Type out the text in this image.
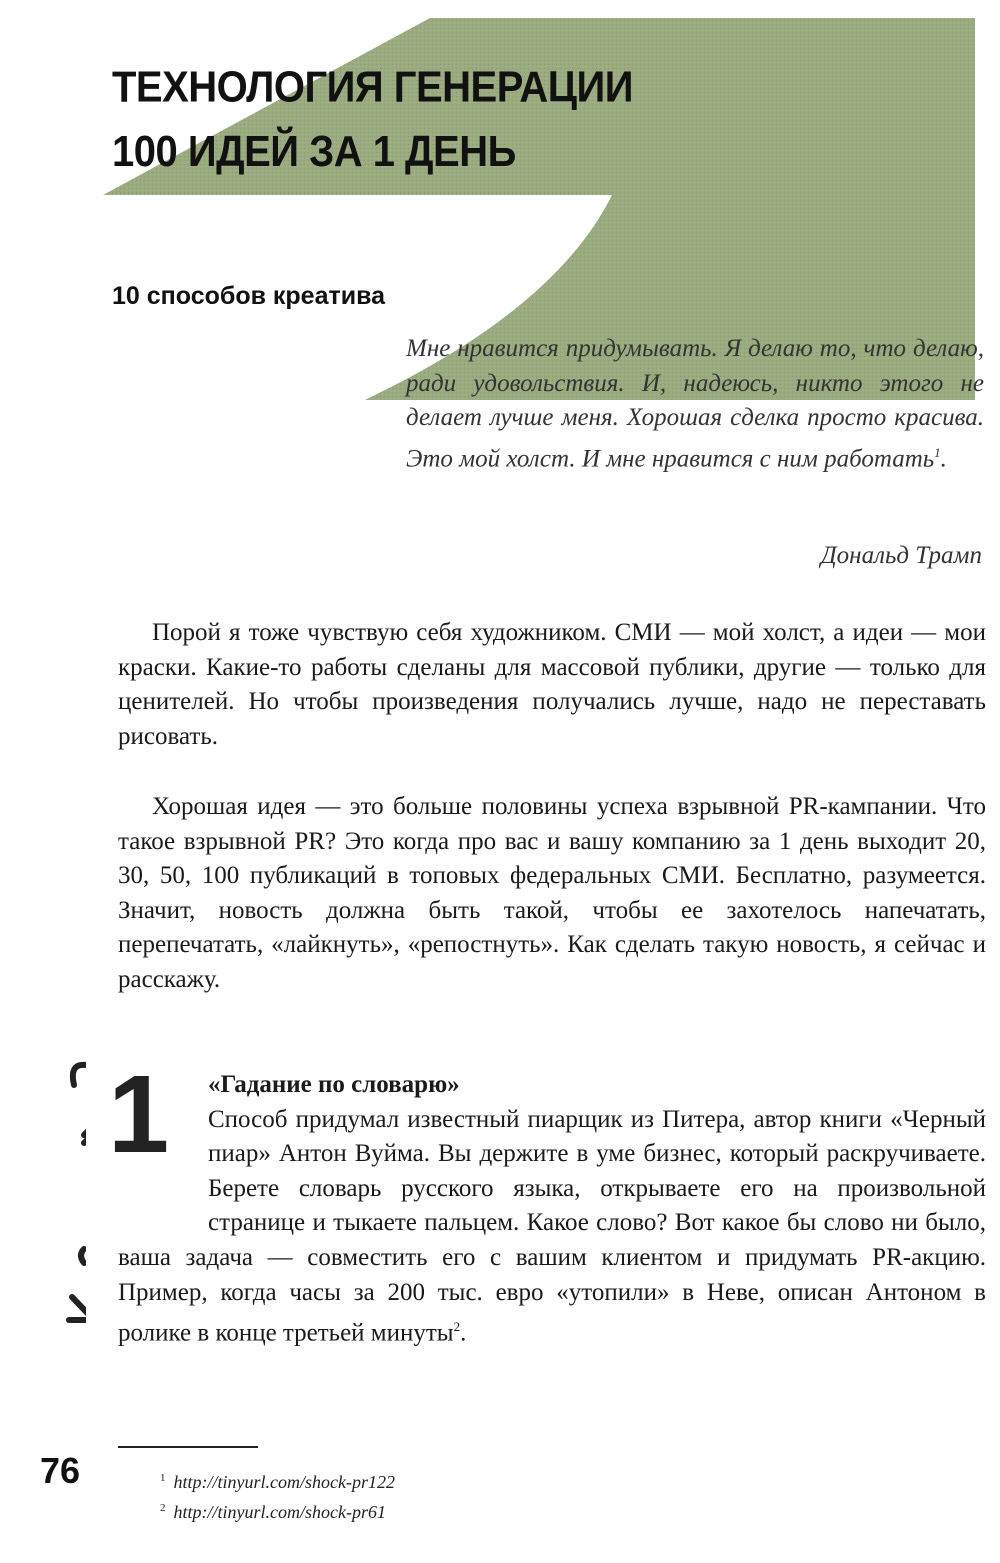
ТЕХНОЛОГИЯ ГЕНЕРАЦИИ
100 ИДЕЙ ЗА 1 ДЕНЬ
10 способов креатива
Мне нравится придумывать. Я делаю то, что делаю, ради удовольствия. И, надеюсь, никто этого не делает лучше меня. Хорошая сделка просто красива. Это мой холст. И мне нравится с ним работать$^1$.
Дональд Трамп

Порой я тоже чувствую себя художником. СМИ — мой холст, а идеи — мои краски. Какие-то работы сделаны для массовой публики, другие — только для ценителей. Но чтобы произведения получались лучше, надо не переставать рисовать.

Хорошая идея — это больше половины успеха взрывной PR-кампании. Что такое взрывной PR? Это когда про вас и вашу компанию за 1 день выходит 20, 30, 50, 100 публикаций в топовых федеральных СМИ. Бесплатно, разумеется. Значит, новость должна быть такой, чтобы ее захотелось напечатать, перепечатать, «лайкнуть», «репостнуть». Как сделать такую новость, я сейчас и расскажу.

1	«Гадание по словарю»
Способ придумал известный пиарщик из Питера, автор книги «Черный пиар» Антон Вуйма. Вы держите в уме бизнес, который раскручиваете. Берете словарь русского языка, открываете его на произвольной странице и тыкаете пальцем. Какое слово? Вот какое бы слово ни было, ваша задача — совместить его с вашим клиентом и придумать PR-акцию. Пример, когда часы за 200 тыс. евро «утопили» в Неве, описан Антоном в ролике в конце третьей минуты$^2$.
$^1$ http://tinyurl.com/shock-pr122
$^2$ http://tinyurl.com/shock-pr61
76
